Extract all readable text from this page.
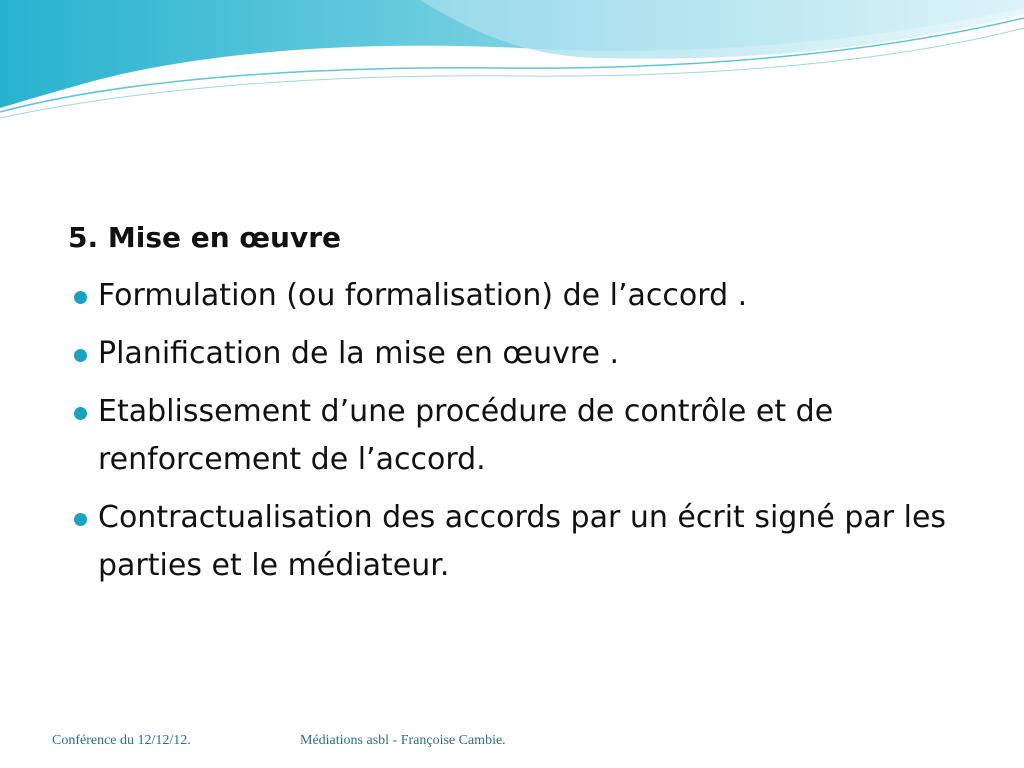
5. Mise en œuvre
Formulation (ou formalisation) de l’accord .
Planification de la mise en œuvre .
Etablissement d’une procédure de contrôle et de renforcement de l’accord.
Contractualisation des accords par un écrit signé par les parties et le médiateur.
Conférence du 12/12/12.	Médiations asbl - Françoise Cambie.
